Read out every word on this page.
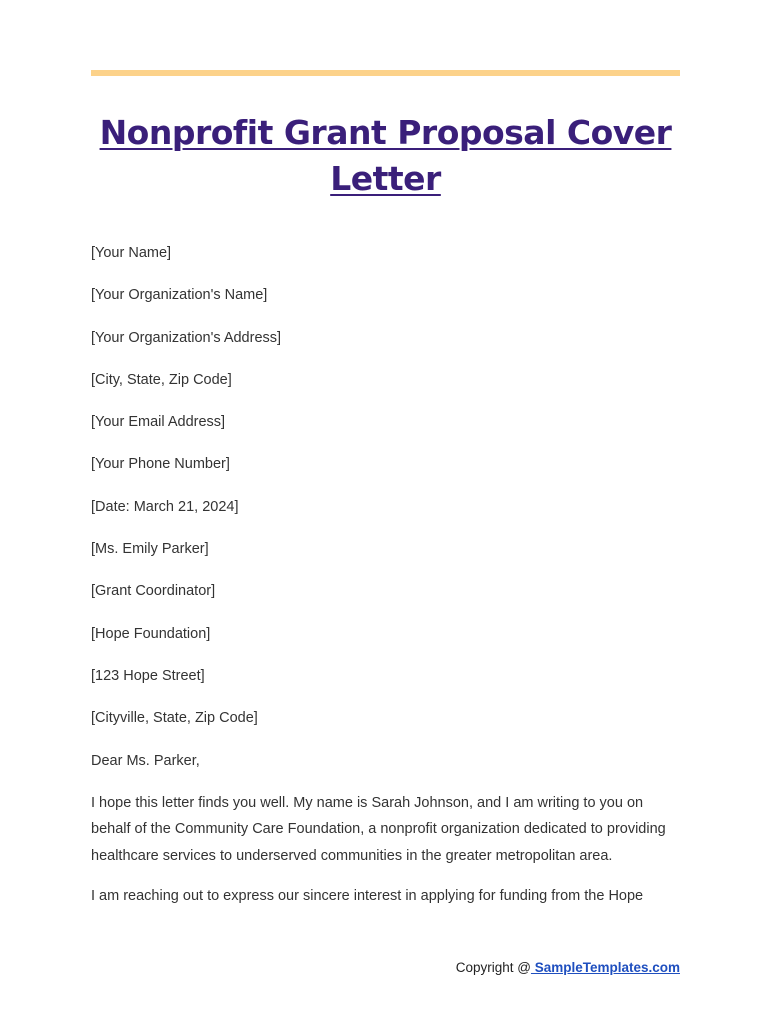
Nonprofit Grant Proposal Cover Letter

[Your Name]

[Your Organization's Name]

[Your Organization's Address]

[City, State, Zip Code]

[Your Email Address]

[Your Phone Number]

[Date: March 21, 2024]

[Ms. Emily Parker]

[Grant Coordinator]

[Hope Foundation]

[123 Hope Street]

[Cityville, State, Zip Code]

Dear Ms. Parker,

I hope this letter finds you well. My name is Sarah Johnson, and I am writing to you on behalf of the Community Care Foundation, a nonprofit organization dedicated to providing healthcare services to underserved communities in the greater metropolitan area.

I am reaching out to express our sincere interest in applying for funding from the Hope

Copyright @ SampleTemplates.com
